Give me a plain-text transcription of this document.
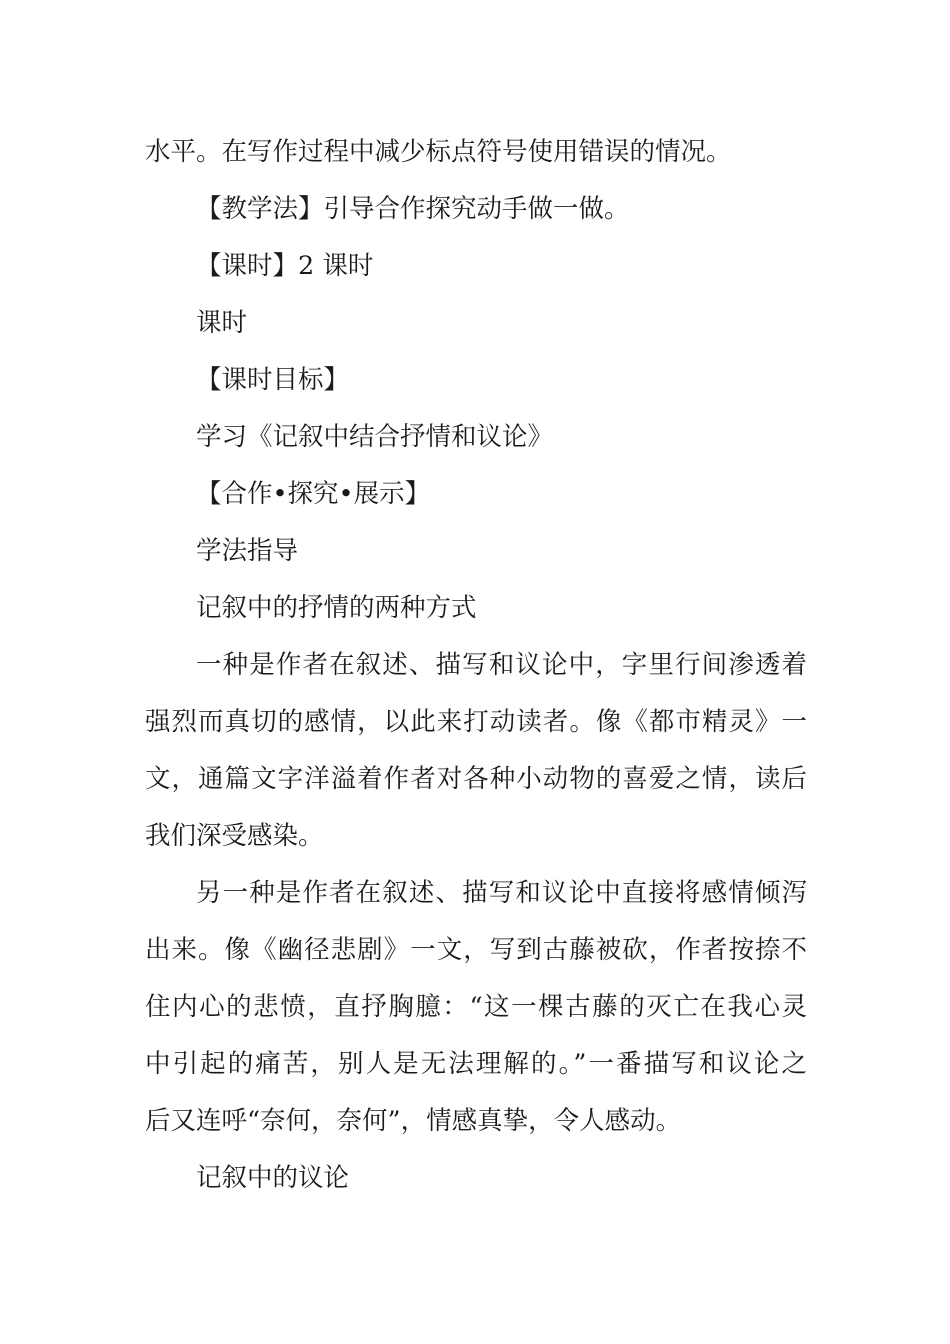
水平。在写作过程中减少标点符号使用错误的情况。

【教学法】引导合作探究动手做一做。

【课时】2 课时

课时

【课时目标】

学习《记叙中结合抒情和议论》

【合作•探究•展示】

学法指导

记叙中的抒情的两种方式

一种是作者在叙述、描写和议论中，字里行间渗透着

强烈而真切的感情，以此来打动读者。像《都市精灵》一

文，通篇文字洋溢着作者对各种小动物的喜爱之情，读后

我们深受感染。

另一种是作者在叙述、描写和议论中直接将感情倾泻

出来。像《幽径悲剧》一文，写到古藤被砍，作者按捺不

住内心的悲愤，直抒胸臆：“这一棵古藤的灭亡在我心灵

中引起的痛苦，别人是无法理解的。”一番描写和议论之

后又连呼“奈何，奈何”，情感真挚，令人感动。

记叙中的议论
